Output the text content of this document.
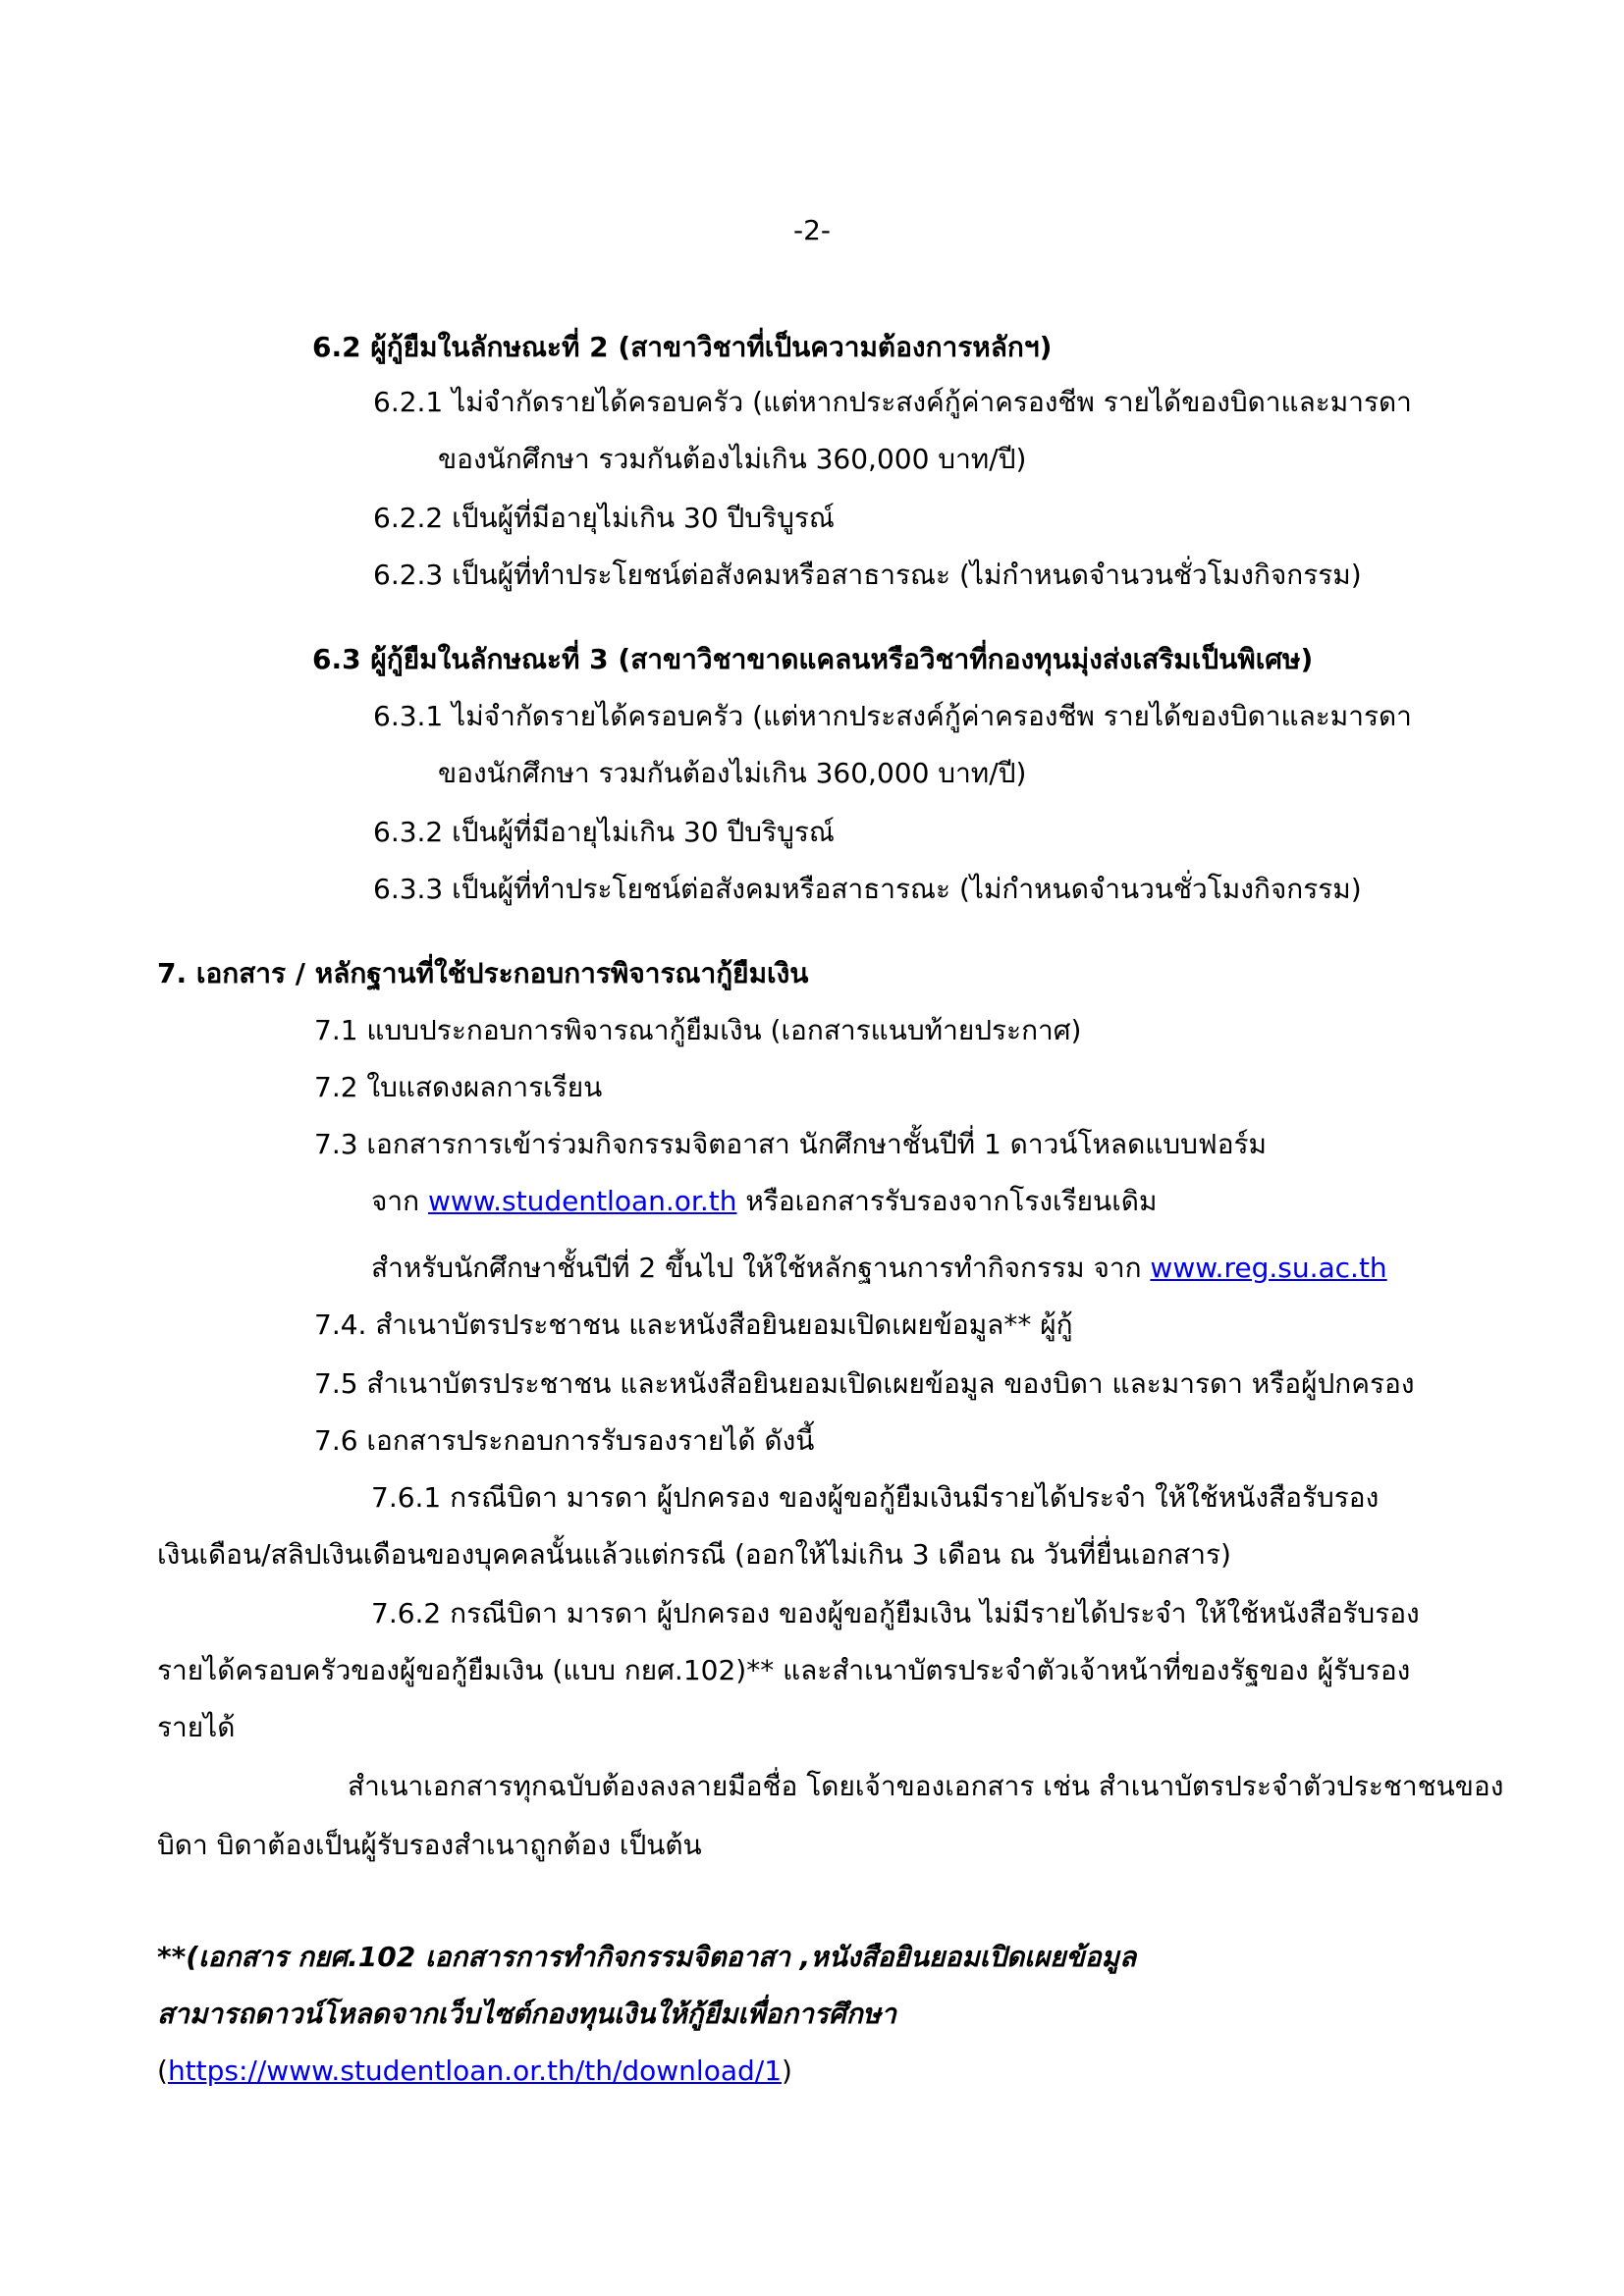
-2-
6.2 ผู้กู้ยืมในลักษณะที่ 2 (สาขาวิชาที่เป็นความต้องการหลักฯ)
6.2.1 ไม่จำกัดรายได้ครอบครัว (แต่หากประสงค์กู้ค่าครองชีพ รายได้ของบิดาและมารดา
ของนักศึกษา รวมกันต้องไม่เกิน 360,000 บาท/ปี)
6.2.2 เป็นผู้ที่มีอายุไม่เกิน 30 ปีบริบูรณ์
6.2.3 เป็นผู้ที่ทำประโยชน์ต่อสังคมหรือสาธารณะ (ไม่กำหนดจำนวนชั่วโมงกิจกรรม)
6.3 ผู้กู้ยืมในลักษณะที่ 3 (สาขาวิชาขาดแคลนหรือวิชาที่กองทุนมุ่งส่งเสริมเป็นพิเศษ)
6.3.1 ไม่จำกัดรายได้ครอบครัว (แต่หากประสงค์กู้ค่าครองชีพ รายได้ของบิดาและมารดา
ของนักศึกษา รวมกันต้องไม่เกิน 360,000 บาท/ปี)
6.3.2 เป็นผู้ที่มีอายุไม่เกิน 30 ปีบริบูรณ์
6.3.3 เป็นผู้ที่ทำประโยชน์ต่อสังคมหรือสาธารณะ (ไม่กำหนดจำนวนชั่วโมงกิจกรรม)
7. เอกสาร / หลักฐานที่ใช้ประกอบการพิจารณากู้ยืมเงิน
7.1 แบบประกอบการพิจารณากู้ยืมเงิน (เอกสารแนบท้ายประกาศ)
7.2 ใบแสดงผลการเรียน
7.3 เอกสารการเข้าร่วมกิจกรรมจิตอาสา นักศึกษาชั้นปีที่ 1 ดาวน์โหลดแบบฟอร์ม
จาก www.studentloan.or.th หรือเอกสารรับรองจากโรงเรียนเดิม
สำหรับนักศึกษาชั้นปีที่ 2 ขึ้นไป ให้ใช้หลักฐานการทำกิจกรรม จาก www.reg.su.ac.th
7.4. สำเนาบัตรประชาชน และหนังสือยินยอมเปิดเผยข้อมูล** ผู้กู้
7.5 สำเนาบัตรประชาชน และหนังสือยินยอมเปิดเผยข้อมูล ของบิดา และมารดา หรือผู้ปกครอง
7.6 เอกสารประกอบการรับรองรายได้ ดังนี้
7.6.1 กรณีบิดา มารดา ผู้ปกครอง ของผู้ขอกู้ยืมเงินมีรายได้ประจำ ให้ใช้หนังสือรับรอง
เงินเดือน/สลิปเงินเดือนของบุคคลนั้นแล้วแต่กรณี (ออกให้ไม่เกิน 3 เดือน ณ วันที่ยื่นเอกสาร)
7.6.2 กรณีบิดา มารดา ผู้ปกครอง ของผู้ขอกู้ยืมเงิน ไม่มีรายได้ประจำ ให้ใช้หนังสือรับรอง
รายได้ครอบครัวของผู้ขอกู้ยืมเงิน (แบบ กยศ.102)** และสำเนาบัตรประจำตัวเจ้าหน้าที่ของรัฐของ ผู้รับรอง
รายได้
สำเนาเอกสารทุกฉบับต้องลงลายมือชื่อ โดยเจ้าของเอกสาร เช่น สำเนาบัตรประจำตัวประชาชนของ
บิดา บิดาต้องเป็นผู้รับรองสำเนาถูกต้อง เป็นต้น
**(เอกสาร กยศ.102 เอกสารการทำกิจกรรมจิตอาสา ,หนังสือยินยอมเปิดเผยข้อมูล
สามารถดาวน์โหลดจากเว็บไซต์กองทุนเงินให้กู้ยืมเพื่อการศึกษา
(https://www.studentloan.or.th/th/download/1)
